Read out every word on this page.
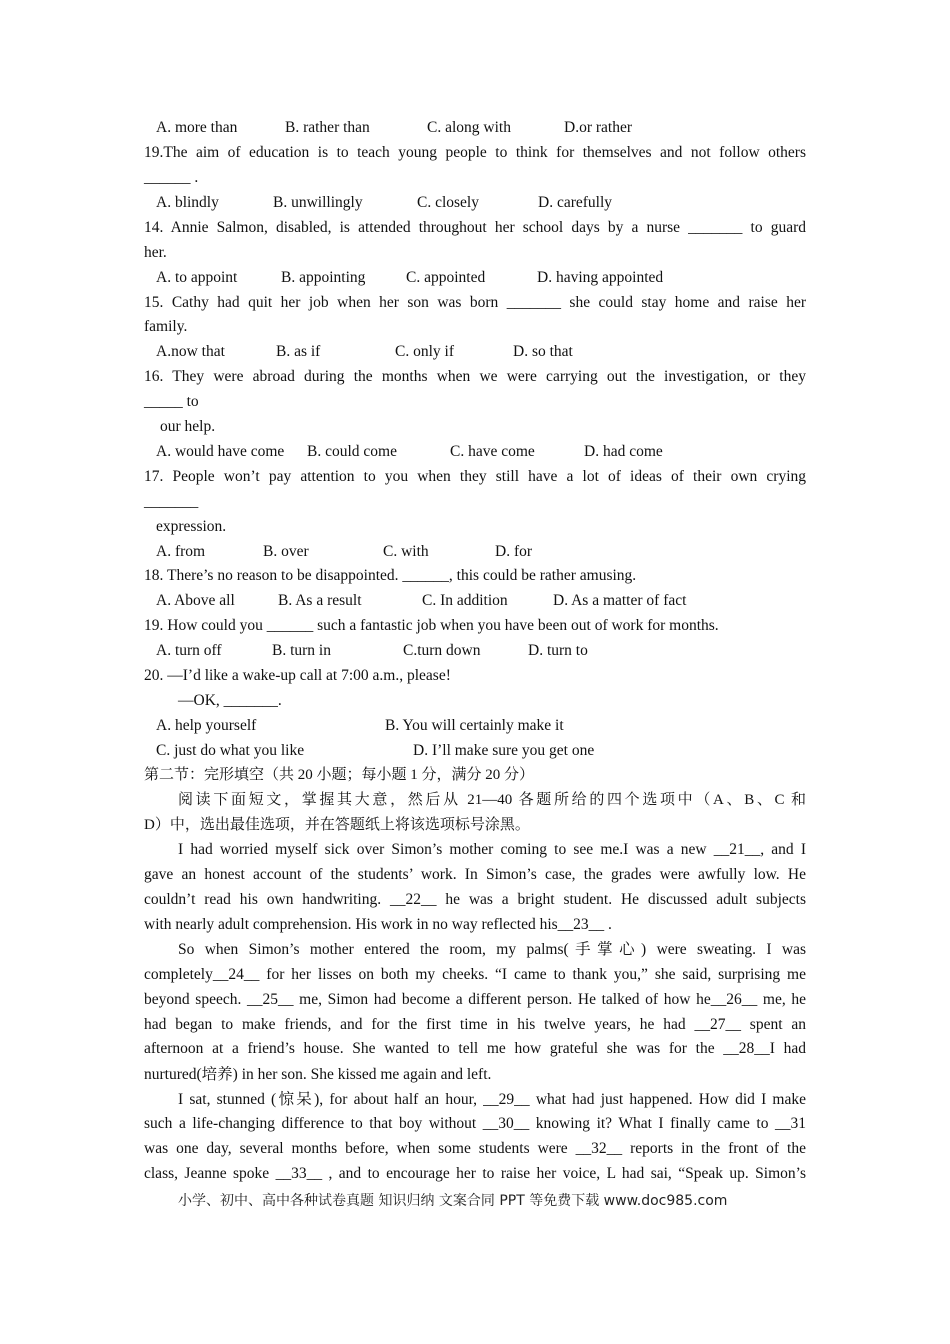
A. more than	B. rather than	C. along with	D.or rather
19.The aim of education is to teach young people to think for themselves and not follow others
______ .
A. blindly	B. unwillingly	C. closely	D. carefully
14. Annie Salmon, disabled, is attended throughout her school days by a nurse _______ to guard
her.
A. to appoint	B. appointing	C. appointed	D. having appointed
15. Cathy had quit her job when her son was born _______ she could stay home and raise her
family.
A.now that	B. as if	C. only if	D. so that
16. They were abroad during the months when we were carrying out the investigation, or they
_____ to
our help.
A. would have come B. could come	C. have come	D. had come
17. People won’t pay attention to you when they still have a lot of ideas of their own crying
_______
expression.
A. from	B. over	C. with	D. for
18. There’s no reason to be disappointed. ______, this could be rather amusing.
A. Above all	B. As a result	C. In addition	D. As a matter of fact
19. How could you ______ such a fantastic job when you have been out of work for months.
A. turn off	B. turn in	C.turn down	D. turn to
20. —I’d like a wake-up call at 7:00 a.m., please!
—OK, _______.
A. help yourself	B. You will certainly make it
C. just do what you like	D. I’ll make sure you get one
第二节：完形填空（共 20 小题；每小题 1 分，满分 20 分）
阅读下面短文，掌握其大意，然后从 21—40 各题所给的四个选项中（A、B、C 和
D）中，选出最佳选项，并在答题纸上将该选项标号涂黑。
I had worried myself sick over Simon’s mother coming to see me.I was a new __21__, and I
gave an honest account of the students’ work. In Simon’s case, the grades were awfully low. He
couldn’t read his own handwriting. __22__ he was a bright student. He discussed adult subjects
with nearly adult comprehension. His work in no way reflected his__23__ .
So when Simon’s mother entered the room, my palms(手掌心) were sweating. I was
completely__24__ for her lisses on both my cheeks. “I came to thank you,” she said, surprising me
beyond speech. __25__ me, Simon had become a different person. He talked of how he__26__ me, he
had began to make friends, and for the first time in his twelve years, he had __27__ spent an
afternoon at a friend’s house. She wanted to tell me how grateful she was for the __28__I had
nurtured(培养) in her son. She kissed me again and left.
I sat, stunned (惊呆), for about half an hour, __29__ what had just happened. How did I make
such a life-changing difference to that boy without __30__ knowing it? What I finally came to __31
was one day, several months before, when some students were __32__ reports in the front of the
class, Jeanne spoke __33__ , and to encourage her to raise her voice, L had sai, “Speak up. Simon’s
小学、初中、高中各种试卷真题 知识归纳 文案合同 PPT 等免费下载 www.doc985.com
